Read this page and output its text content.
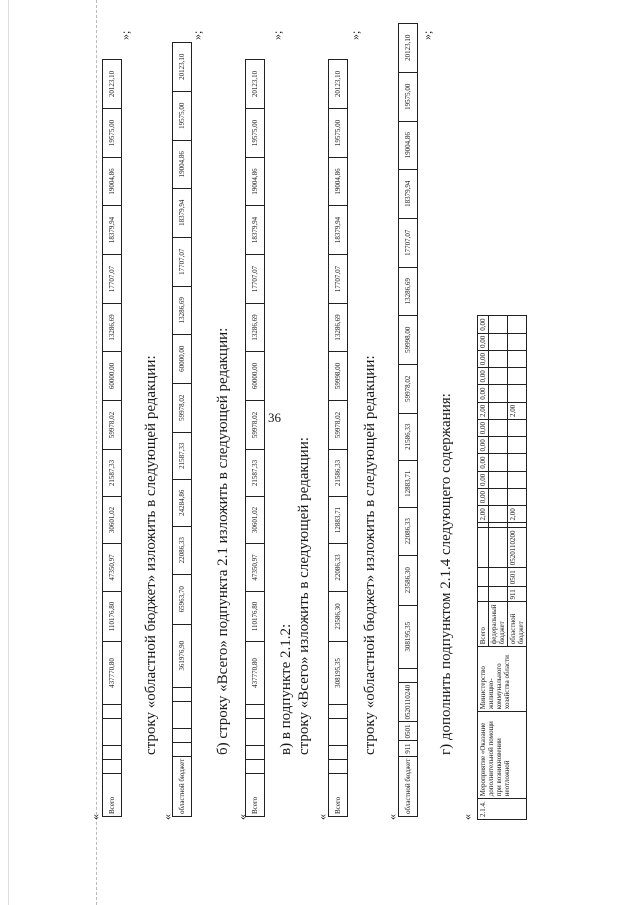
36
«
Всего					437770,80	110176,80	47350,97	30601,02	21587,33	59978,02	60000,00	13286,69	17707,07	18379,94	19004,86	19575,00	20123,10
»;
строку «областной бюджет» изложить в следующей редакции:
«
областной бюджет					361976,90	65963,70	22086,33	24284,86	21587,33	59978,02	60000,00	13286,69	17707,07	18379,94	19004,86	19575,00	20123,10
»;
б) строку «Всего» подпункта 2.1 изложить в следующей редакции:
«
Всего					437770,80	110176,80	47350,97	30601,02	21587,33	59978,02	60000,00	13286,69	17707,07	18379,94	19004,86	19575,00	20123,10
»;
в) в подпункте 2.1.2: строку «Всего» изложить в следующей редакции:
«
Всего					308195,35	23586,30	22086,33	12883,71	21586,33	59978,02	59998,00	13286,69	17707,07	18379,94	19004,86	19575,00	20123,10
»;
строку «областной бюджет» изложить в следующей редакции:
«
областной бюджет	911	0501	0520110240		308195,35	23586,30	22086,33	12883,71	21586,33	59978,02	59998,00	13286,69	17707,07	18379,94	19004,86	19575,00	20123,10 »;
г) дополнить подпунктом 2.1.4 следующего содержания:
« 2.1.4.	Мероприятие «Оказание дополнительной помощи при возникновении неотложной	Министерство жилищно-коммунального хозяйства области	Всего					2,00	0,00	0,00	0,00	0,00	0,00	2,00	0,00	0,00	0,00	0,00	0,00
			федеральный бюджет																
			областной бюджет	911	0501	0520110200		2,00						2,00					
